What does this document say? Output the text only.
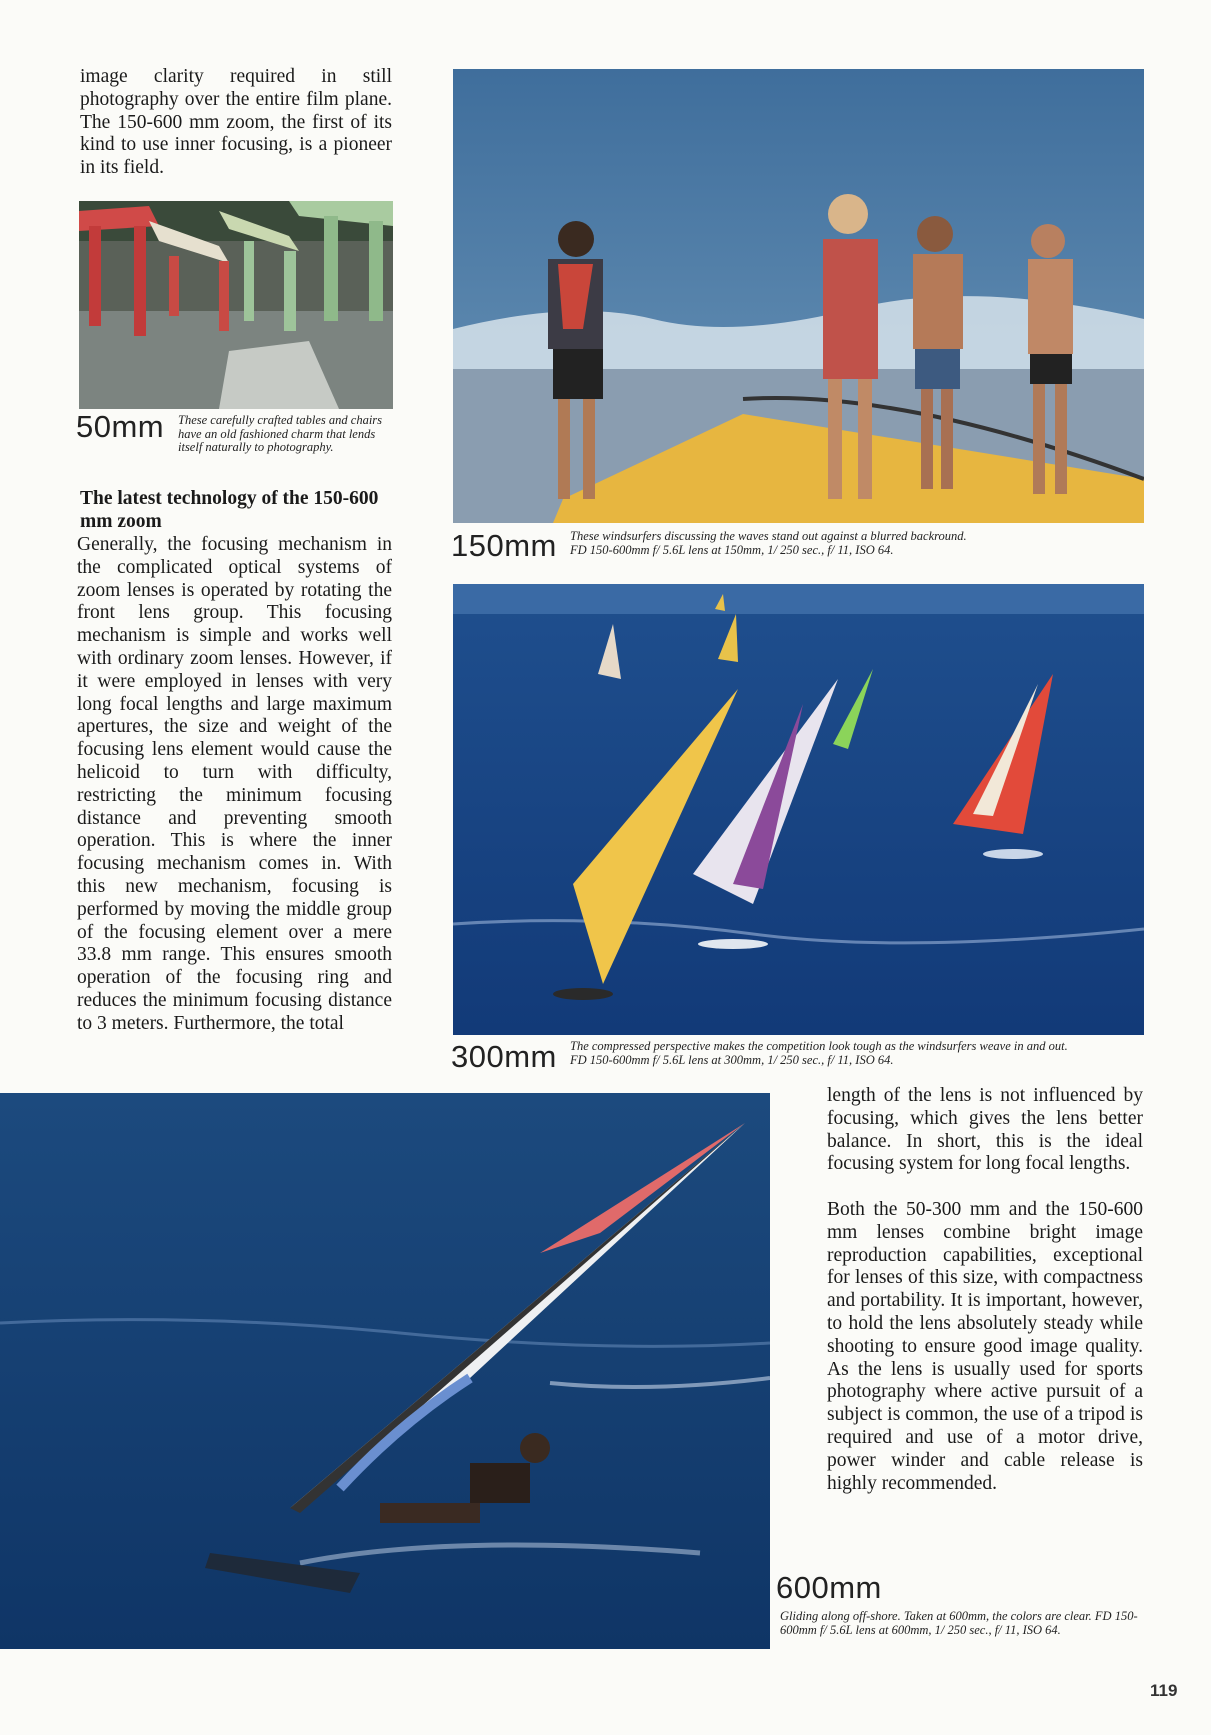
image clarity required in still photography over the entire film plane. The 150-600 mm zoom, the first of its kind to use inner focusing, is a pioneer in its field.

50mm These carefully crafted tables and chairs have an old fashioned charm that lends itself naturally to photography.

The latest technology of the 150-600 mm zoom

Generally, the focusing mechanism in the complicated optical systems of zoom lenses is operated by rotating the front lens group. This focusing mechanism is simple and works well with ordinary zoom lenses. However, if it were employed in lenses with very long focal lengths and large maximum apertures, the size and weight of the focusing lens element would cause the helicoid to turn with difficulty, restricting the minimum focusing distance and preventing smooth operation. This is where the inner focusing mechanism comes in. With this new mechanism, focusing is performed by moving the middle group of the focusing element over a mere 33.8 mm range. This ensures smooth operation of the focusing ring and reduces the minimum focusing distance to 3 meters. Furthermore, the total

150mm These windsurfers discussing the waves stand out against a blurred backround.
FD 150-600mm f/ 5.6L lens at 150mm, 1/ 250 sec., f/ 11, ISO 64.
300mm The compressed perspective makes the competition look tough as the windsurfers weave in and out.
FD 150-600mm f/ 5.6L lens at 300mm, 1/ 250 sec., f/ 11, ISO 64.

length of the lens is not influenced by focusing, which gives the lens better balance. In short, this is the ideal focusing system for long focal lengths.

Both the 50-300 mm and the 150-600 mm lenses combine bright image reproduction capabilities, exceptional for lenses of this size, with compactness and portability. It is important, however, to hold the lens absolutely steady while shooting to ensure good image quality. As the lens is usually used for sports photography where active pursuit of a subject is common, the use of a tripod is required and use of a motor drive, power winder and cable release is highly recommended.

600mm
Gliding along off-shore. Taken at 600mm, the colors are clear. FD 150-600mm f/ 5.6L lens at 600mm, 1/ 250 sec., f/ 11, ISO 64.
119
